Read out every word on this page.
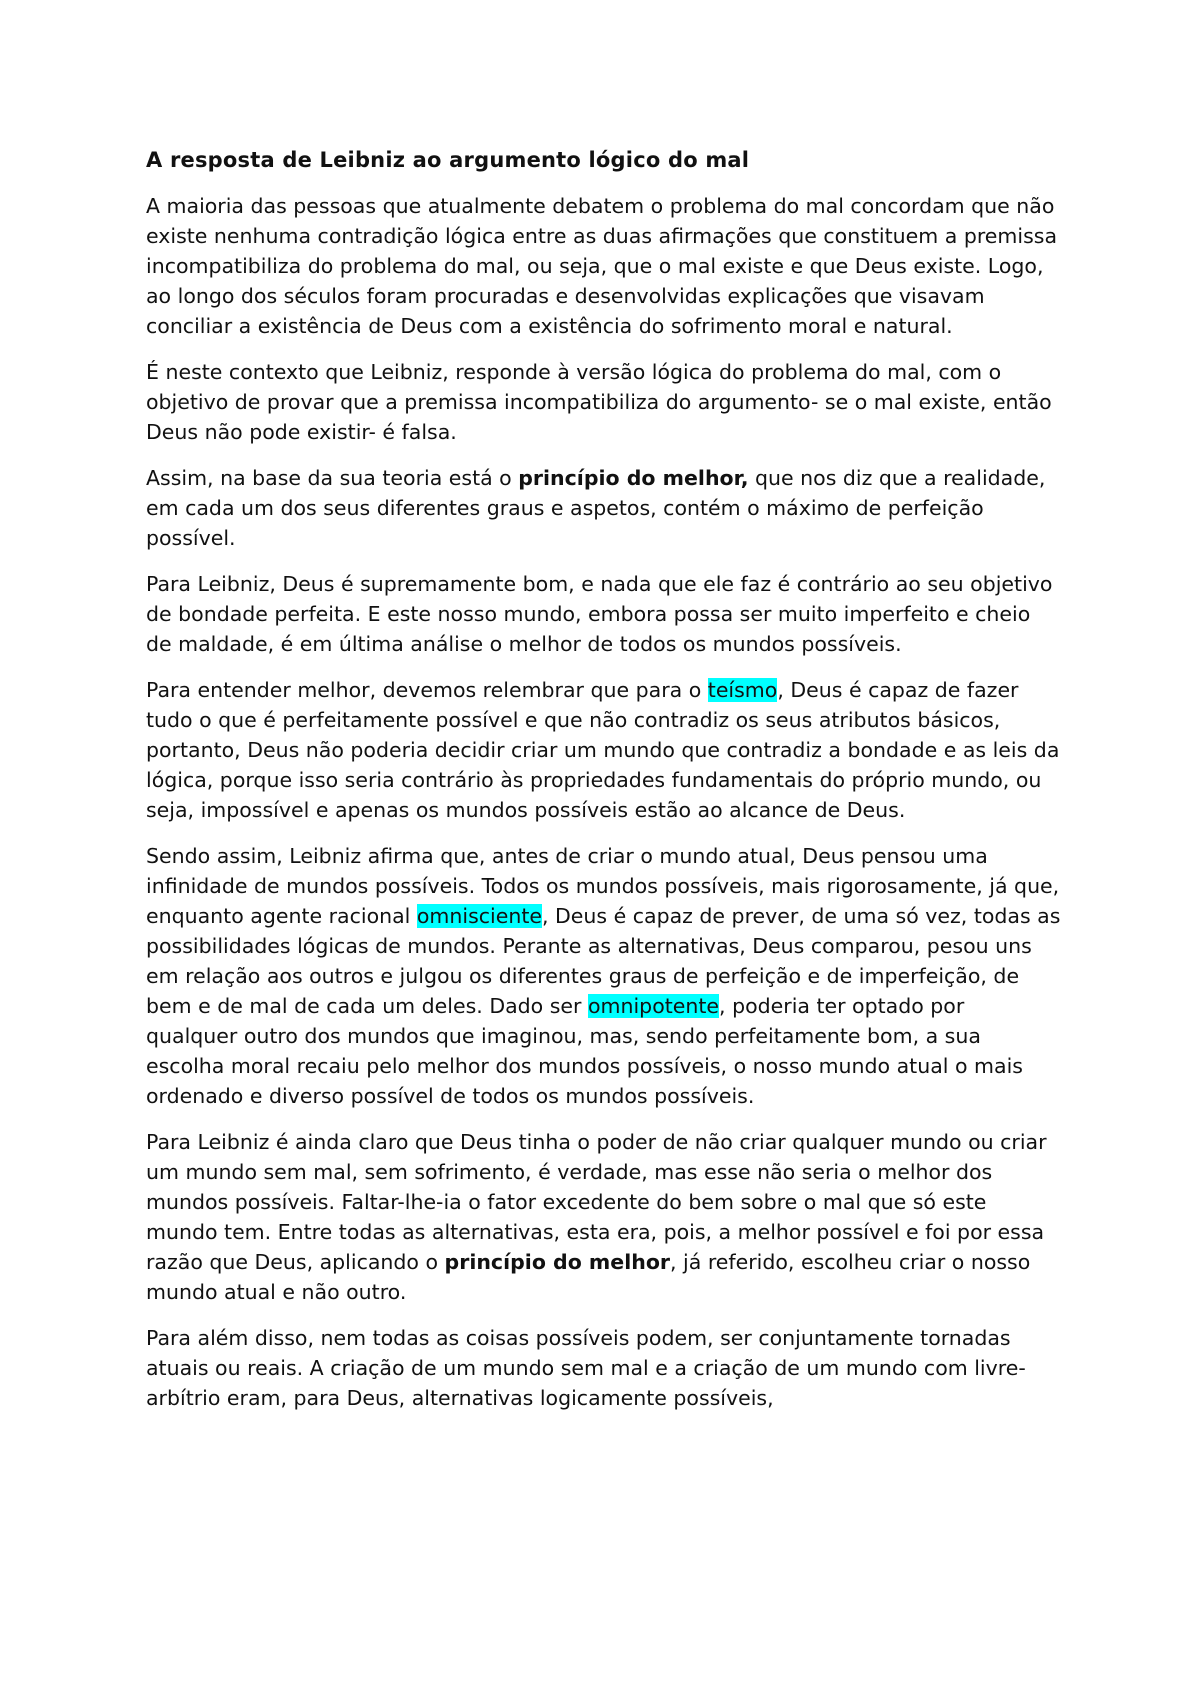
A resposta de Leibniz ao argumento lógico do mal

A maioria das pessoas que atualmente debatem o problema do mal concordam que não existe nenhuma contradição lógica entre as duas afirmações que constituem a premissa incompatibiliza do problema do mal, ou seja, que o mal existe e que Deus existe. Logo, ao longo dos séculos foram procuradas e desenvolvidas explicações que visavam conciliar a existência de Deus com a existência do sofrimento moral e natural.

É neste contexto que Leibniz, responde à versão lógica do problema do mal, com o objetivo de provar que a premissa incompatibiliza do argumento- se o mal existe, então Deus não pode existir- é falsa.

Assim, na base da sua teoria está o princípio do melhor, que nos diz que a realidade, em cada um dos seus diferentes graus e aspetos, contém o máximo de perfeição possível.

Para Leibniz, Deus é supremamente bom, e nada que ele faz é contrário ao seu objetivo de bondade perfeita. E este nosso mundo, embora possa ser muito imperfeito e cheio de maldade, é em última análise o melhor de todos os mundos possíveis.

Para entender melhor, devemos relembrar que para o teísmo, Deus é capaz de fazer tudo o que é perfeitamente possível e que não contradiz os seus atributos básicos, portanto, Deus não poderia decidir criar um mundo que contradiz a bondade e as leis da lógica, porque isso seria contrário às propriedades fundamentais do próprio mundo, ou seja, impossível e apenas os mundos possíveis estão ao alcance de Deus.

Sendo assim, Leibniz afirma que, antes de criar o mundo atual, Deus pensou uma infinidade de mundos possíveis. Todos os mundos possíveis, mais rigorosamente, já que, enquanto agente racional omnisciente, Deus é capaz de prever, de uma só vez, todas as possibilidades lógicas de mundos. Perante as alternativas, Deus comparou, pesou uns em relação aos outros e julgou os diferentes graus de perfeição e de imperfeição, de bem e de mal de cada um deles. Dado ser omnipotente, poderia ter optado por qualquer outro dos mundos que imaginou, mas, sendo perfeitamente bom, a sua escolha moral recaiu pelo melhor dos mundos possíveis, o nosso mundo atual o mais ordenado e diverso possível de todos os mundos possíveis.

Para Leibniz é ainda claro que Deus tinha o poder de não criar qualquer mundo ou criar um mundo sem mal, sem sofrimento, é verdade, mas esse não seria o melhor dos mundos possíveis. Faltar-lhe-ia o fator excedente do bem sobre o mal que só este mundo tem. Entre todas as alternativas, esta era, pois, a melhor possível e foi por essa razão que Deus, aplicando o princípio do melhor, já referido, escolheu criar o nosso mundo atual e não outro.

Para além disso, nem todas as coisas possíveis podem, ser conjuntamente tornadas atuais ou reais. A criação de um mundo sem mal e a criação de um mundo com livre-arbítrio eram, para Deus, alternativas logicamente possíveis,
